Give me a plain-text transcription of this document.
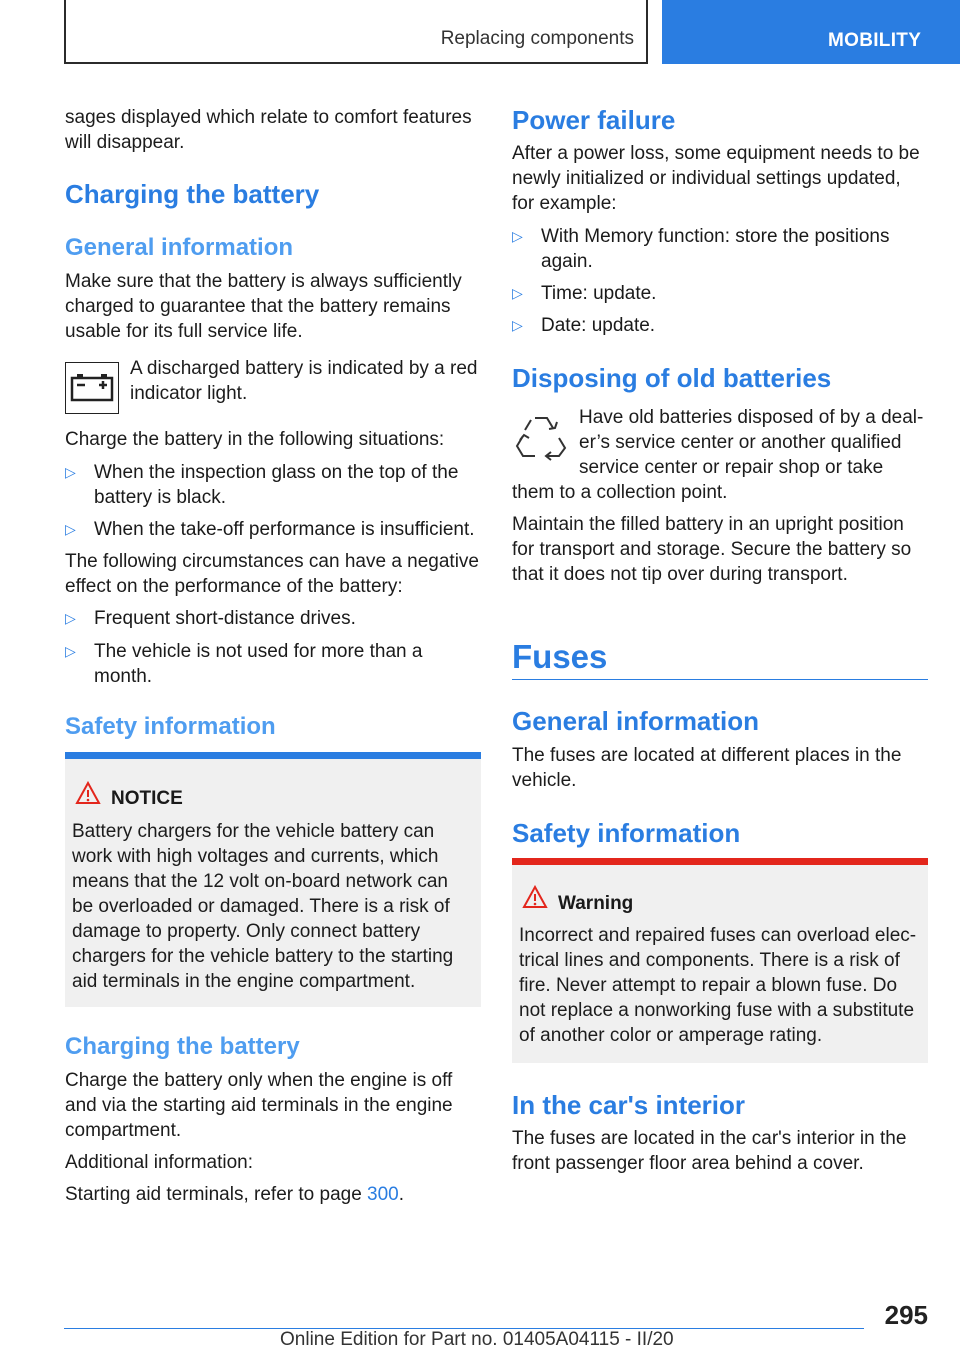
Replacing components	MOBILITY

sages displayed which relate to comfort features will disappear.

Charging the battery
General information

Make sure that the battery is always sufficiently charged to guarantee that the battery remains usable for its full service life.

A discharged battery is indicated by a red indicator light.

Charge the battery in the following situations:

▷ When the inspection glass on the top of the battery is black.
▷ When the take-off performance is insufficient.

The following circumstances can have a negative effect on the performance of the battery:

▷ Frequent short-distance drives.
▷ The vehicle is not used for more than a month.
Safety information
NOTICE

Battery chargers for the vehicle battery can work with high voltages and currents, which means that the 12 volt on-board network can be overloaded or damaged. There is a risk of damage to property. Only connect battery chargers for the vehicle battery to the starting aid terminals in the engine compartment.

Charging the battery

Charge the battery only when the engine is off and via the starting aid terminals in the engine compartment.

Additional information:

Starting aid terminals, refer to page 300.

Power failure

After a power loss, some equipment needs to be newly initialized or individual settings updated, for example:

▷ With Memory function: store the positions again.
▷ Time: update.
▷ Date: update.
Disposing of old batteries

Have old batteries disposed of by a deal-er’s service center or another qualified
service center or repair shop or take

them to a collection point.

Maintain the filled battery in an upright position for transport and storage. Secure the battery so that it does not tip over during transport.

Fuses
General information

The fuses are located at different places in the vehicle.

Safety information
Warning

Incorrect and repaired fuses can overload elec-trical lines and components. There is a risk of fire. Never attempt to repair a blown fuse. Do not replace a nonworking fuse with a substitute of another color or amperage rating.

In the car's interior

The fuses are located in the car's interior in the front passenger floor area behind a cover.

295
Online Edition for Part no. 01405A04115 - II/20
